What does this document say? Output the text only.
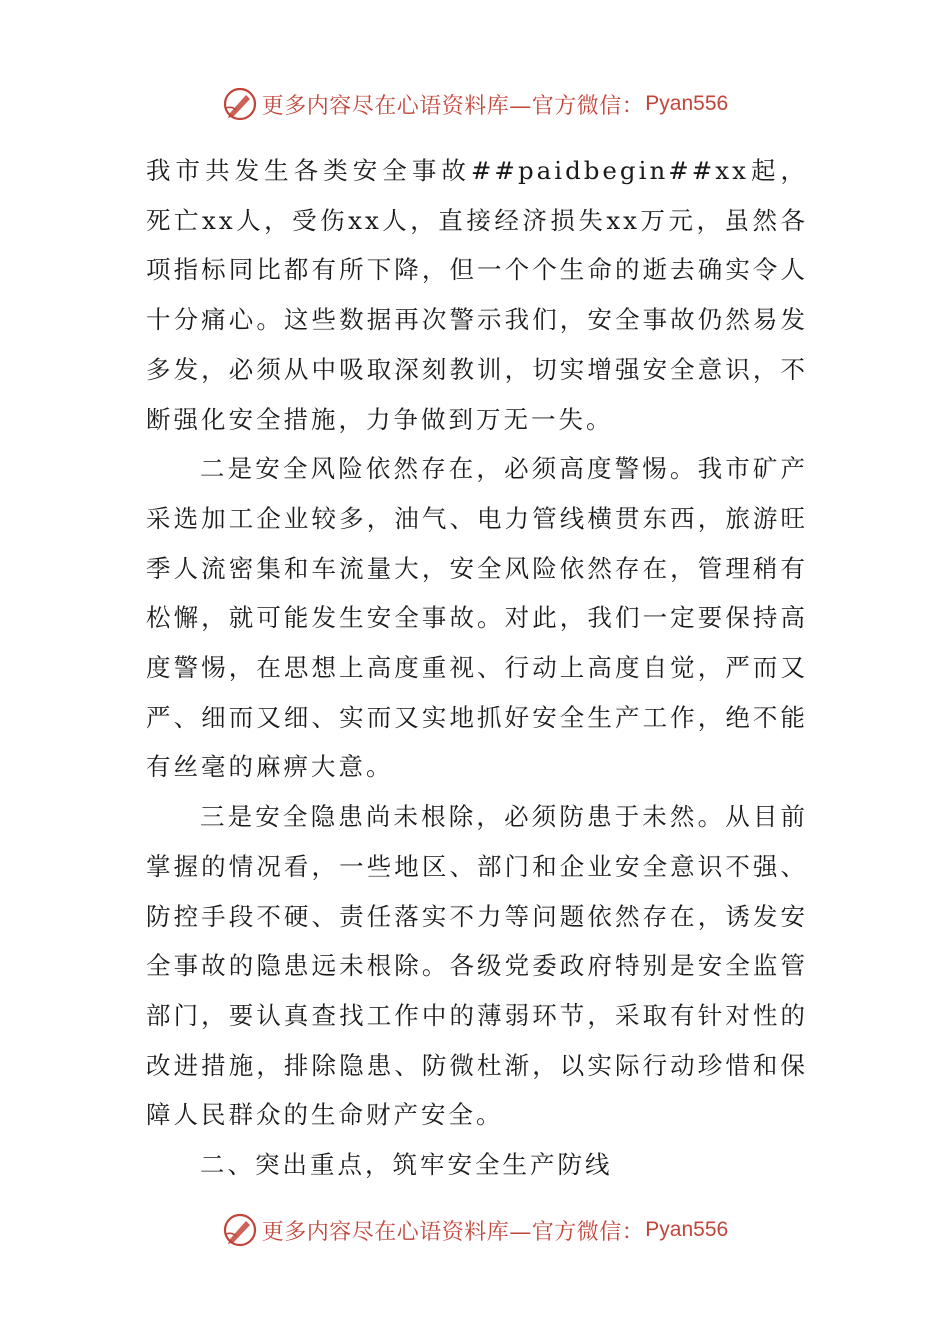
更多内容尽在心语资料库—官方微信： Pyan556

我市共发生各类安全事故##paidbegin##xx起，死亡xx人，受伤xx人，直接经济损失xx万元，虽然各项指标同比都有所下降，但一个个生命的逝去确实令人十分痛心。这些数据再次警示我们，安全事故仍然易发多发，必须从中吸取深刻教训，切实增强安全意识，不断强化安全措施，力争做到万无一失。

二是安全风险依然存在，必须高度警惕。我市矿产采选加工企业较多，油气、电力管线横贯东西，旅游旺季人流密集和车流量大，安全风险依然存在，管理稍有松懈，就可能发生安全事故。对此，我们一定要保持高度警惕，在思想上高度重视、行动上高度自觉，严而又严、细而又细、实而又实地抓好安全生产工作，绝不能有丝毫的麻痹大意。

三是安全隐患尚未根除，必须防患于未然。从目前掌握的情况看，一些地区、部门和企业安全意识不强、防控手段不硬、责任落实不力等问题依然存在，诱发安全事故的隐患远未根除。各级党委政府特别是安全监管部门，要认真查找工作中的薄弱环节，采取有针对性的改进措施，排除隐患、防微杜渐，以实际行动珍惜和保障人民群众的生命财产安全。

二、突出重点，筑牢安全生产防线

更多内容尽在心语资料库—官方微信： Pyan556
